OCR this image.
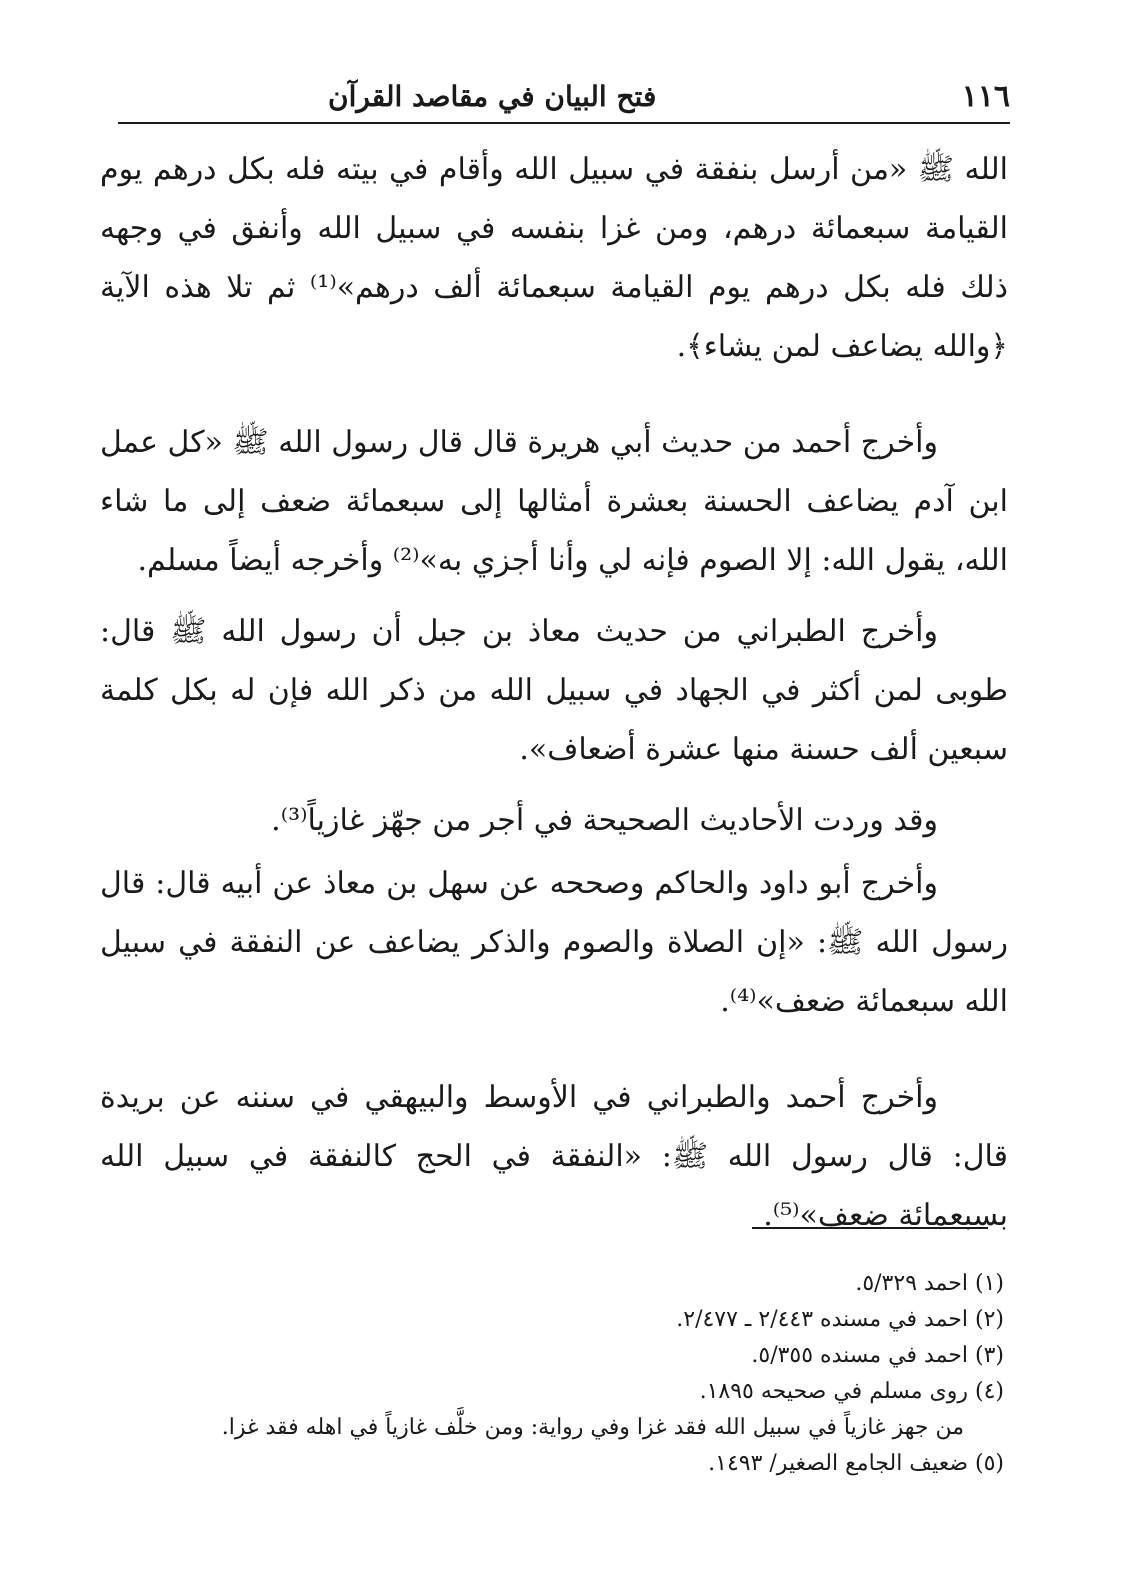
١١٦
فتح البيان في مقاصد القرآن

الله ﷺ «من أرسل بنفقة في سبيل الله وأقام في بيته فله بكل درهم يوم القيامة سبعمائة درهم، ومن غزا بنفسه في سبيل الله وأنفق في وجهه ذلك فله بكل درهم يوم القيامة سبعمائة ألف درهم»⁽¹⁾ ثم تلا هذه الآية ﴿والله يضاعف لمن يشاء﴾.

وأخرج أحمد من حديث أبي هريرة قال قال رسول الله ﷺ «كل عمل ابن آدم يضاعف الحسنة بعشرة أمثالها إلى سبعمائة ضعف إلى ما شاء الله، يقول الله: إلا الصوم فإنه لي وأنا أجزي به»⁽²⁾ وأخرجه أيضاً مسلم.

وأخرج الطبراني من حديث معاذ بن جبل أن رسول الله ﷺ قال: طوبى لمن أكثر في الجهاد في سبيل الله من ذكر الله فإن له بكل كلمة سبعين ألف حسنة منها عشرة أضعاف».

وقد وردت الأحاديث الصحيحة في أجر من جهّز غازياً⁽³⁾.

وأخرج أبو داود والحاكم وصححه عن سهل بن معاذ عن أبيه قال: قال رسول الله ﷺ: «إن الصلاة والصوم والذكر يضاعف عن النفقة في سبيل الله سبعمائة ضعف»⁽⁴⁾.

وأخرج أحمد والطبراني في الأوسط والبيهقي في سننه عن بريدة قال: قال رسول الله ﷺ: «النفقة في الحج كالنفقة في سبيل الله بسبعمائة ضعف»⁽⁵⁾.

(١) احمد ٥/٣٢٩.

(٢) احمد في مسنده ٢/٤٤٣ ـ ٢/٤٧٧.

(٣) احمد في مسنده ٥/٣٥٥.

(٤) روى مسلم في صحيحه ١٨٩٥.

من جهز غازياً في سبيل الله فقد غزا وفي رواية: ومن خلَّف غازياً في اهله فقد غزا.

(٥) ضعيف الجامع الصغير/ ١٤٩٣.
